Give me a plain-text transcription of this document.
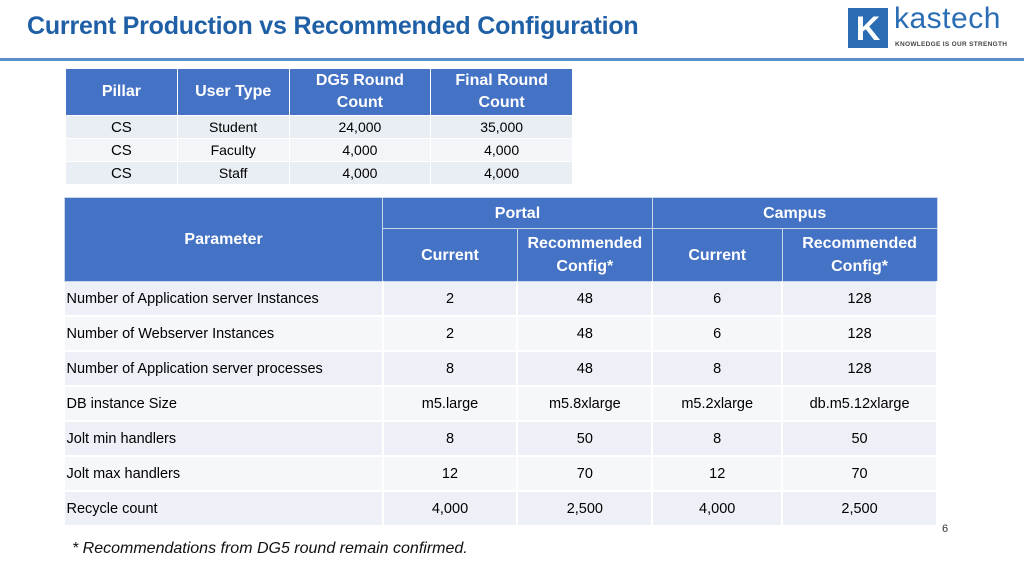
Current Production vs Recommended Configuration	K kastech
KNOWLEDGE IS OUR STRENGTH
Pillar	User Type	DG5 Round Count	Final Round Count
CS	Student	24,000	35,000
CS	Faculty	4,000	4,000
CS	Staff	4,000	4,000
Parameter	Portal		Campus	
	Current	Recommended Config*	Current	Recommended Config*
Number of Application server Instances	2	48	6	128
Number of Webserver Instances	2	48	6	128
Number of Application server processes	8	48	8	128
DB instance Size	m5.large	m5.8xlarge	m5.2xlarge	db.m5.12xlarge
Jolt min handlers	8	50	8	50
Jolt max handlers	12	70	12	70
Recycle count	4,000	2,500	4,000	2,500
6
* Recommendations from DG5 round remain confirmed.
